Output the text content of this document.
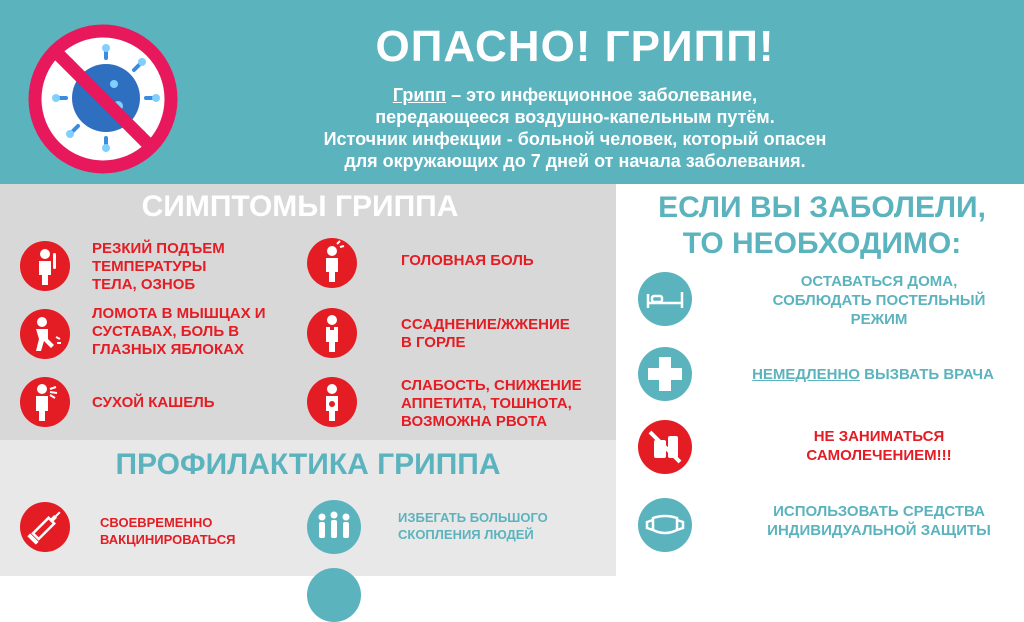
ОПАСНО! ГРИПП!
Грипп – это инфекционное заболевание,
передающееся воздушно-капельным путём.
Источник инфекции - больной человек, который опасен
для окружающих до 7 дней от начала заболевания.
СИМПТОМЫ ГРИППА
РЕЗКИЙ ПОДЪЕМ
ТЕМПЕРАТУРЫ
ТЕЛА, ОЗНОБ
ГОЛОВНАЯ БОЛЬ
ЛОМОТА В МЫШЦАХ И
СУСТАВАХ, БОЛЬ В
ГЛАЗНЫХ ЯБЛОКАХ
ССАДНЕНИЕ/ЖЖЕНИЕ
В ГОРЛЕ
СУХОЙ КАШЕЛЬ
СЛАБОСТЬ, СНИЖЕНИЕ
АППЕТИТА, ТОШНОТА,
ВОЗМОЖНА РВОТА
ПРОФИЛАКТИКА ГРИППА
СВОЕВРЕМЕННО
ВАКЦИНИРОВАТЬСЯ
ИЗБЕГАТЬ БОЛЬШОГО
СКОПЛЕНИЯ ЛЮДЕЙ
ЕСЛИ ВЫ ЗАБОЛЕЛИ,
ТО НЕОБХОДИМО:
ОСТАВАТЬСЯ ДОМА,
СОБЛЮДАТЬ ПОСТЕЛЬНЫЙ
РЕЖИМ
НЕМЕДЛЕННО ВЫЗВАТЬ ВРАЧА
НЕ ЗАНИМАТЬСЯ
САМОЛЕЧЕНИЕМ!!!
ИСПОЛЬЗОВАТЬ СРЕДСТВА
ИНДИВИДУАЛЬНОЙ ЗАЩИТЫ
